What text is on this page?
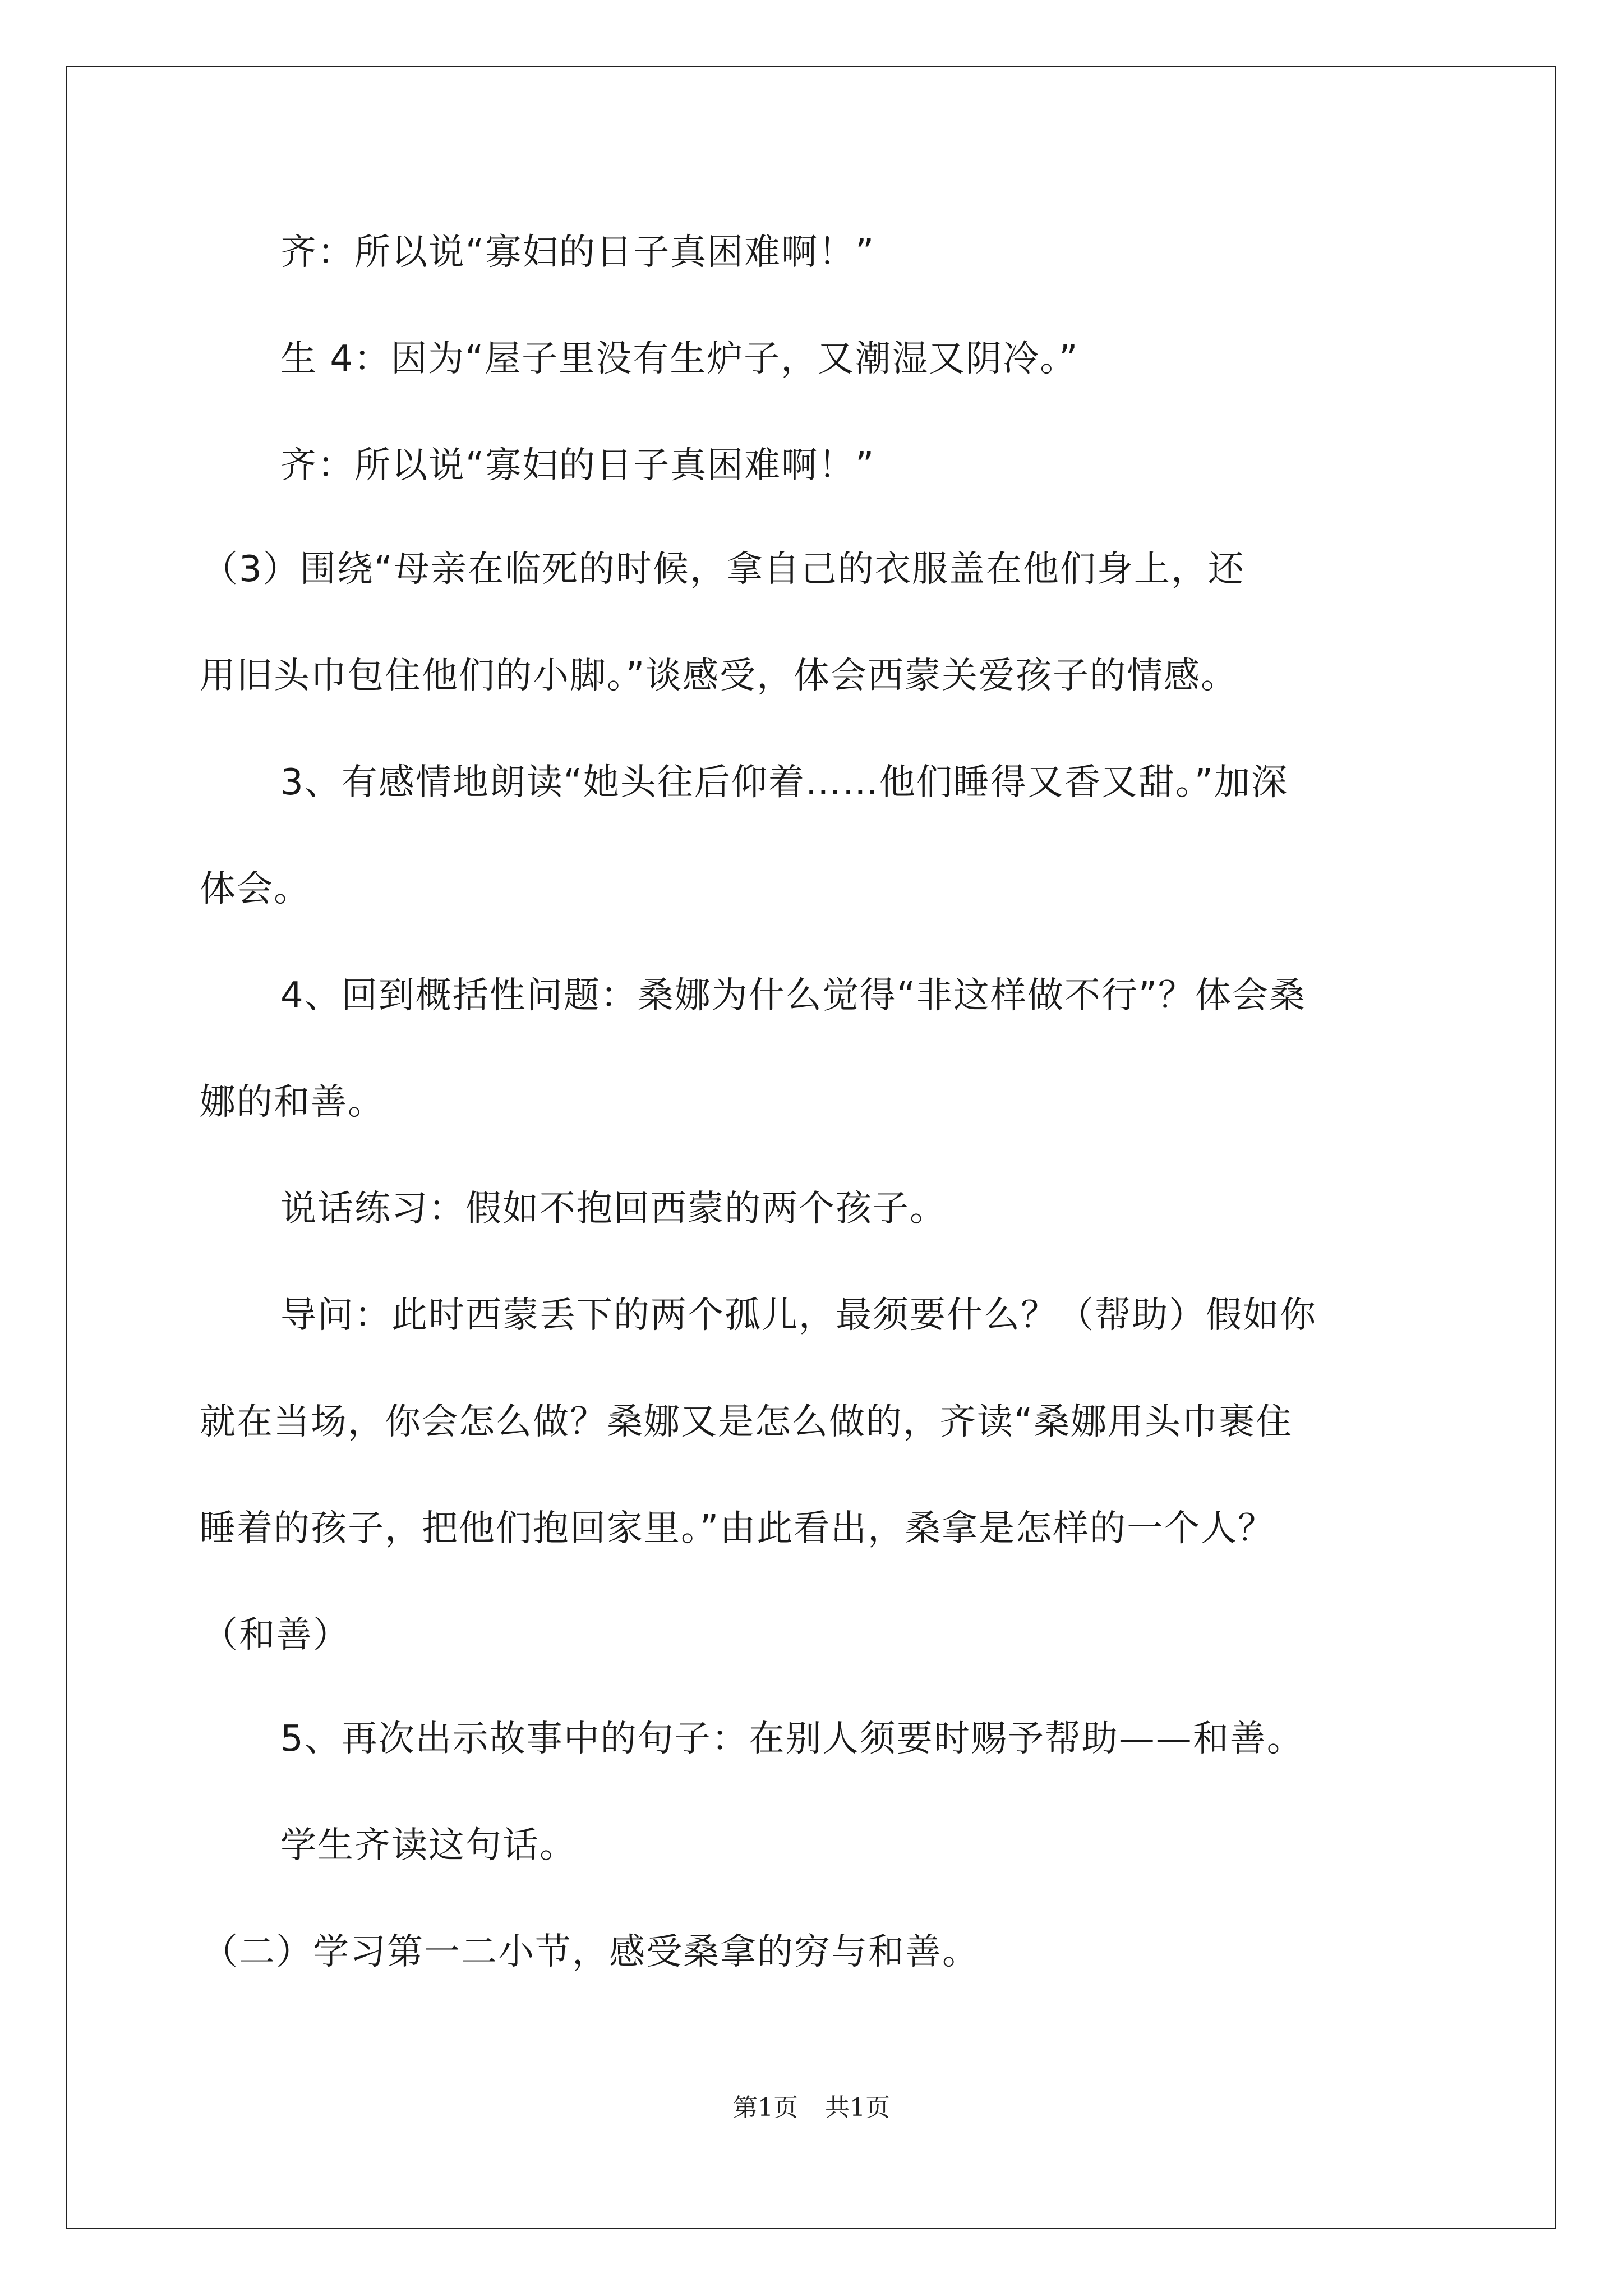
齐：所以说“寡妇的日子真困难啊！”

生 4：因为“屋子里没有生炉子，又潮湿又阴冷。”

齐：所以说“寡妇的日子真困难啊！”

（3）围绕“母亲在临死的时候，拿自己的衣服盖在他们身上，还

用旧头巾包住他们的小脚。”谈感受，体会西蒙关爱孩子的情感。

3、有感情地朗读“她头往后仰着……他们睡得又香又甜。”加深

体会。

4、回到概括性问题：桑娜为什么觉得“非这样做不行”？体会桑

娜的和善。

说话练习：假如不抱回西蒙的两个孩子。

导问：此时西蒙丢下的两个孤儿，最须要什么？（帮助）假如你

就在当场，你会怎么做？桑娜又是怎么做的，齐读“桑娜用头巾裹住

睡着的孩子，把他们抱回家里。”由此看出，桑拿是怎样的一个人？

（和善）

5、再次出示故事中的句子：在别人须要时赐予帮助——和善。

学生齐读这句话。

（二）学习第一二小节，感受桑拿的穷与和善。

第1页 共1页
